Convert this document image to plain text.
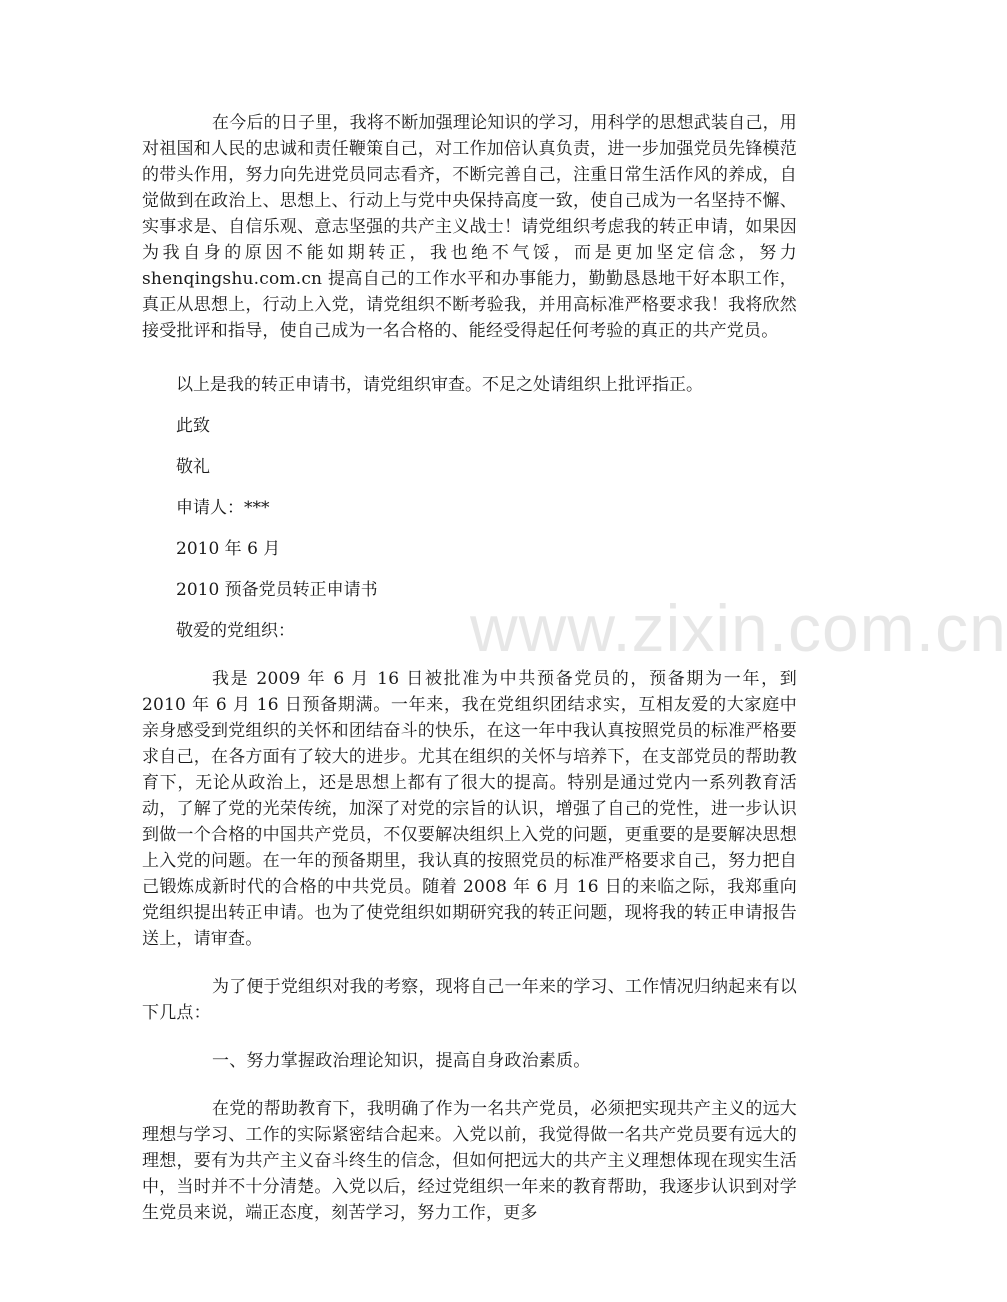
在今后的日子里，我将不断加强理论知识的学习，用科学的思想武装自己，用对祖国和人民的忠诚和责任鞭策自己，对工作加倍认真负责，进一步加强党员先锋模范的带头作用，努力向先进党员同志看齐，不断完善自己，注重日常生活作风的养成，自觉做到在政治上、思想上、行动上与党中央保持高度一致，使自己成为一名坚持不懈、实事求是、自信乐观、意志坚强的共产主义战士！请党组织考虑我的转正申请，如果因为我自身的原因不能如期转正，我也绝不气馁，而是更加坚定信念，努力 shenqingshu.com.cn 提高自己的工作水平和办事能力，勤勤恳恳地干好本职工作，真正从思想上，行动上入党，请党组织不断考验我，并用高标准严格要求我！我将欣然接受批评和指导，使自己成为一名合格的、能经受得起任何考验的真正的共产党员。

以上是我的转正申请书，请党组织审查。不足之处请组织上批评指正。

此致

敬礼

申请人：***

2010 年 6 月

2010 预备党员转正申请书

敬爱的党组织：

我是 2009 年 6 月 16 日被批准为中共预备党员的，预备期为一年，到 2010 年 6 月 16 日预备期满。一年来，我在党组织团结求实，互相友爱的大家庭中亲身感受到党组织的关怀和团结奋斗的快乐，在这一年中我认真按照党员的标准严格要求自己，在各方面有了较大的进步。尤其在组织的关怀与培养下，在支部党员的帮助教育下，无论从政治上，还是思想上都有了很大的提高。特别是通过党内一系列教育活动，了解了党的光荣传统，加深了对党的宗旨的认识，增强了自己的党性，进一步认识到做一个合格的中国共产党员，不仅要解决组织上入党的问题，更重要的是要解决思想上入党的问题。在一年的预备期里，我认真的按照党员的标准严格要求自己，努力把自己锻炼成新时代的合格的中共党员。随着 2008 年 6 月 16 日的来临之际，我郑重向党组织提出转正申请。也为了使党组织如期研究我的转正问题，现将我的转正申请报告送上，请审查。

为了便于党组织对我的考察，现将自己一年来的学习、工作情况归纳起来有以下几点：

一、努力掌握政治理论知识，提高自身政治素质。

在党的帮助教育下，我明确了作为一名共产党员，必须把实现共产主义的远大理想与学习、工作的实际紧密结合起来。入党以前，我觉得做一名共产党员要有远大的理想，要有为共产主义奋斗终生的信念，但如何把远大的共产主义理想体现在现实生活中，当时并不十分清楚。入党以后，经过党组织一年来的教育帮助，我逐步认识到对学生党员来说，端正态度，刻苦学习，努力工作，更多

www.zixin.com.cn
